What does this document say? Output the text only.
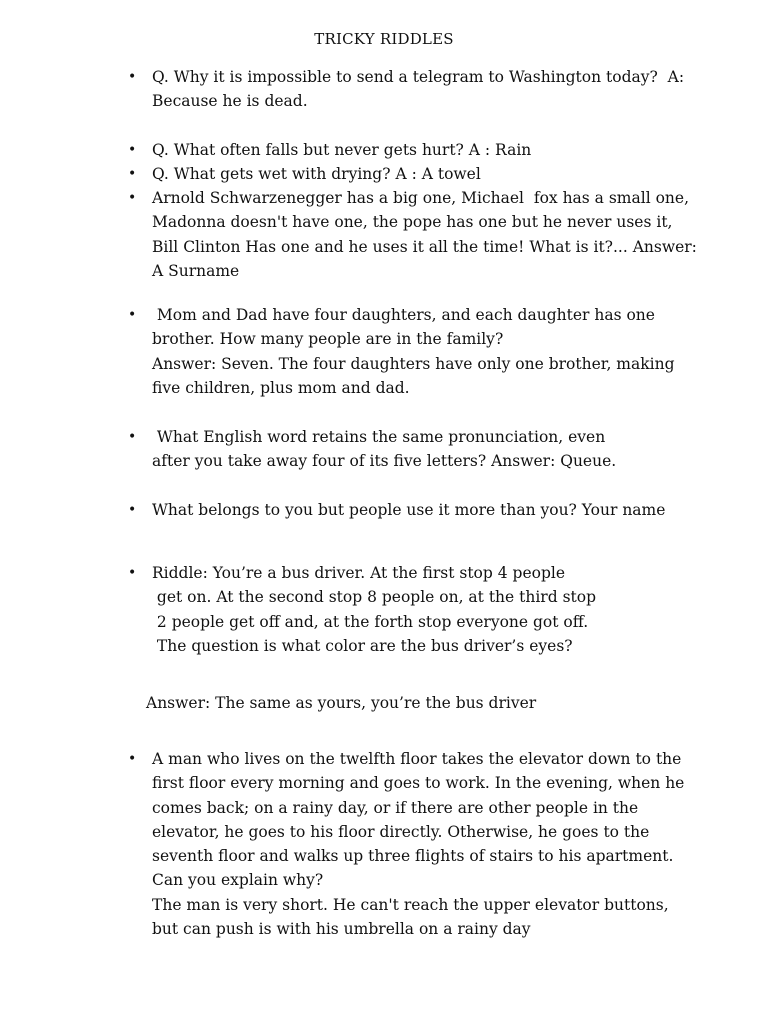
TRICKY RIDDLES
• Q. Why it is impossible to send a telegram to Washington today?  A:
Because he is dead.
• Q. What often falls but never gets hurt? A : Rain
• Q. What gets wet with drying? A : A towel
• Arnold Schwarzenegger has a big one, Michael  fox has a small one,
Madonna doesn't have one, the pope has one but he never uses it,
Bill Clinton Has one and he uses it all the time! What is it?... Answer:
A Surname
• Mom and Dad have four daughters, and each daughter has one
brother. How many people are in the family?
Answer: Seven. The four daughters have only one brother, making
five children, plus mom and dad.
• What English word retains the same pronunciation, even
after you take away four of its five letters? Answer: Queue.
• What belongs to you but people use it more than you? Your name
• Riddle: You’re a bus driver. At the first stop 4 people
get on. At the second stop 8 people on, at the third stop
2 people get off and, at the forth stop everyone got off.
The question is what color are the bus driver’s eyes?
Answer: The same as yours, you’re the bus driver
• A man who lives on the twelfth floor takes the elevator down to the
first floor every morning and goes to work. In the evening, when he
comes back; on a rainy day, or if there are other people in the
elevator, he goes to his floor directly. Otherwise, he goes to the
seventh floor and walks up three flights of stairs to his apartment.
Can you explain why?
The man is very short. He can't reach the upper elevator buttons,
but can push is with his umbrella on a rainy day
